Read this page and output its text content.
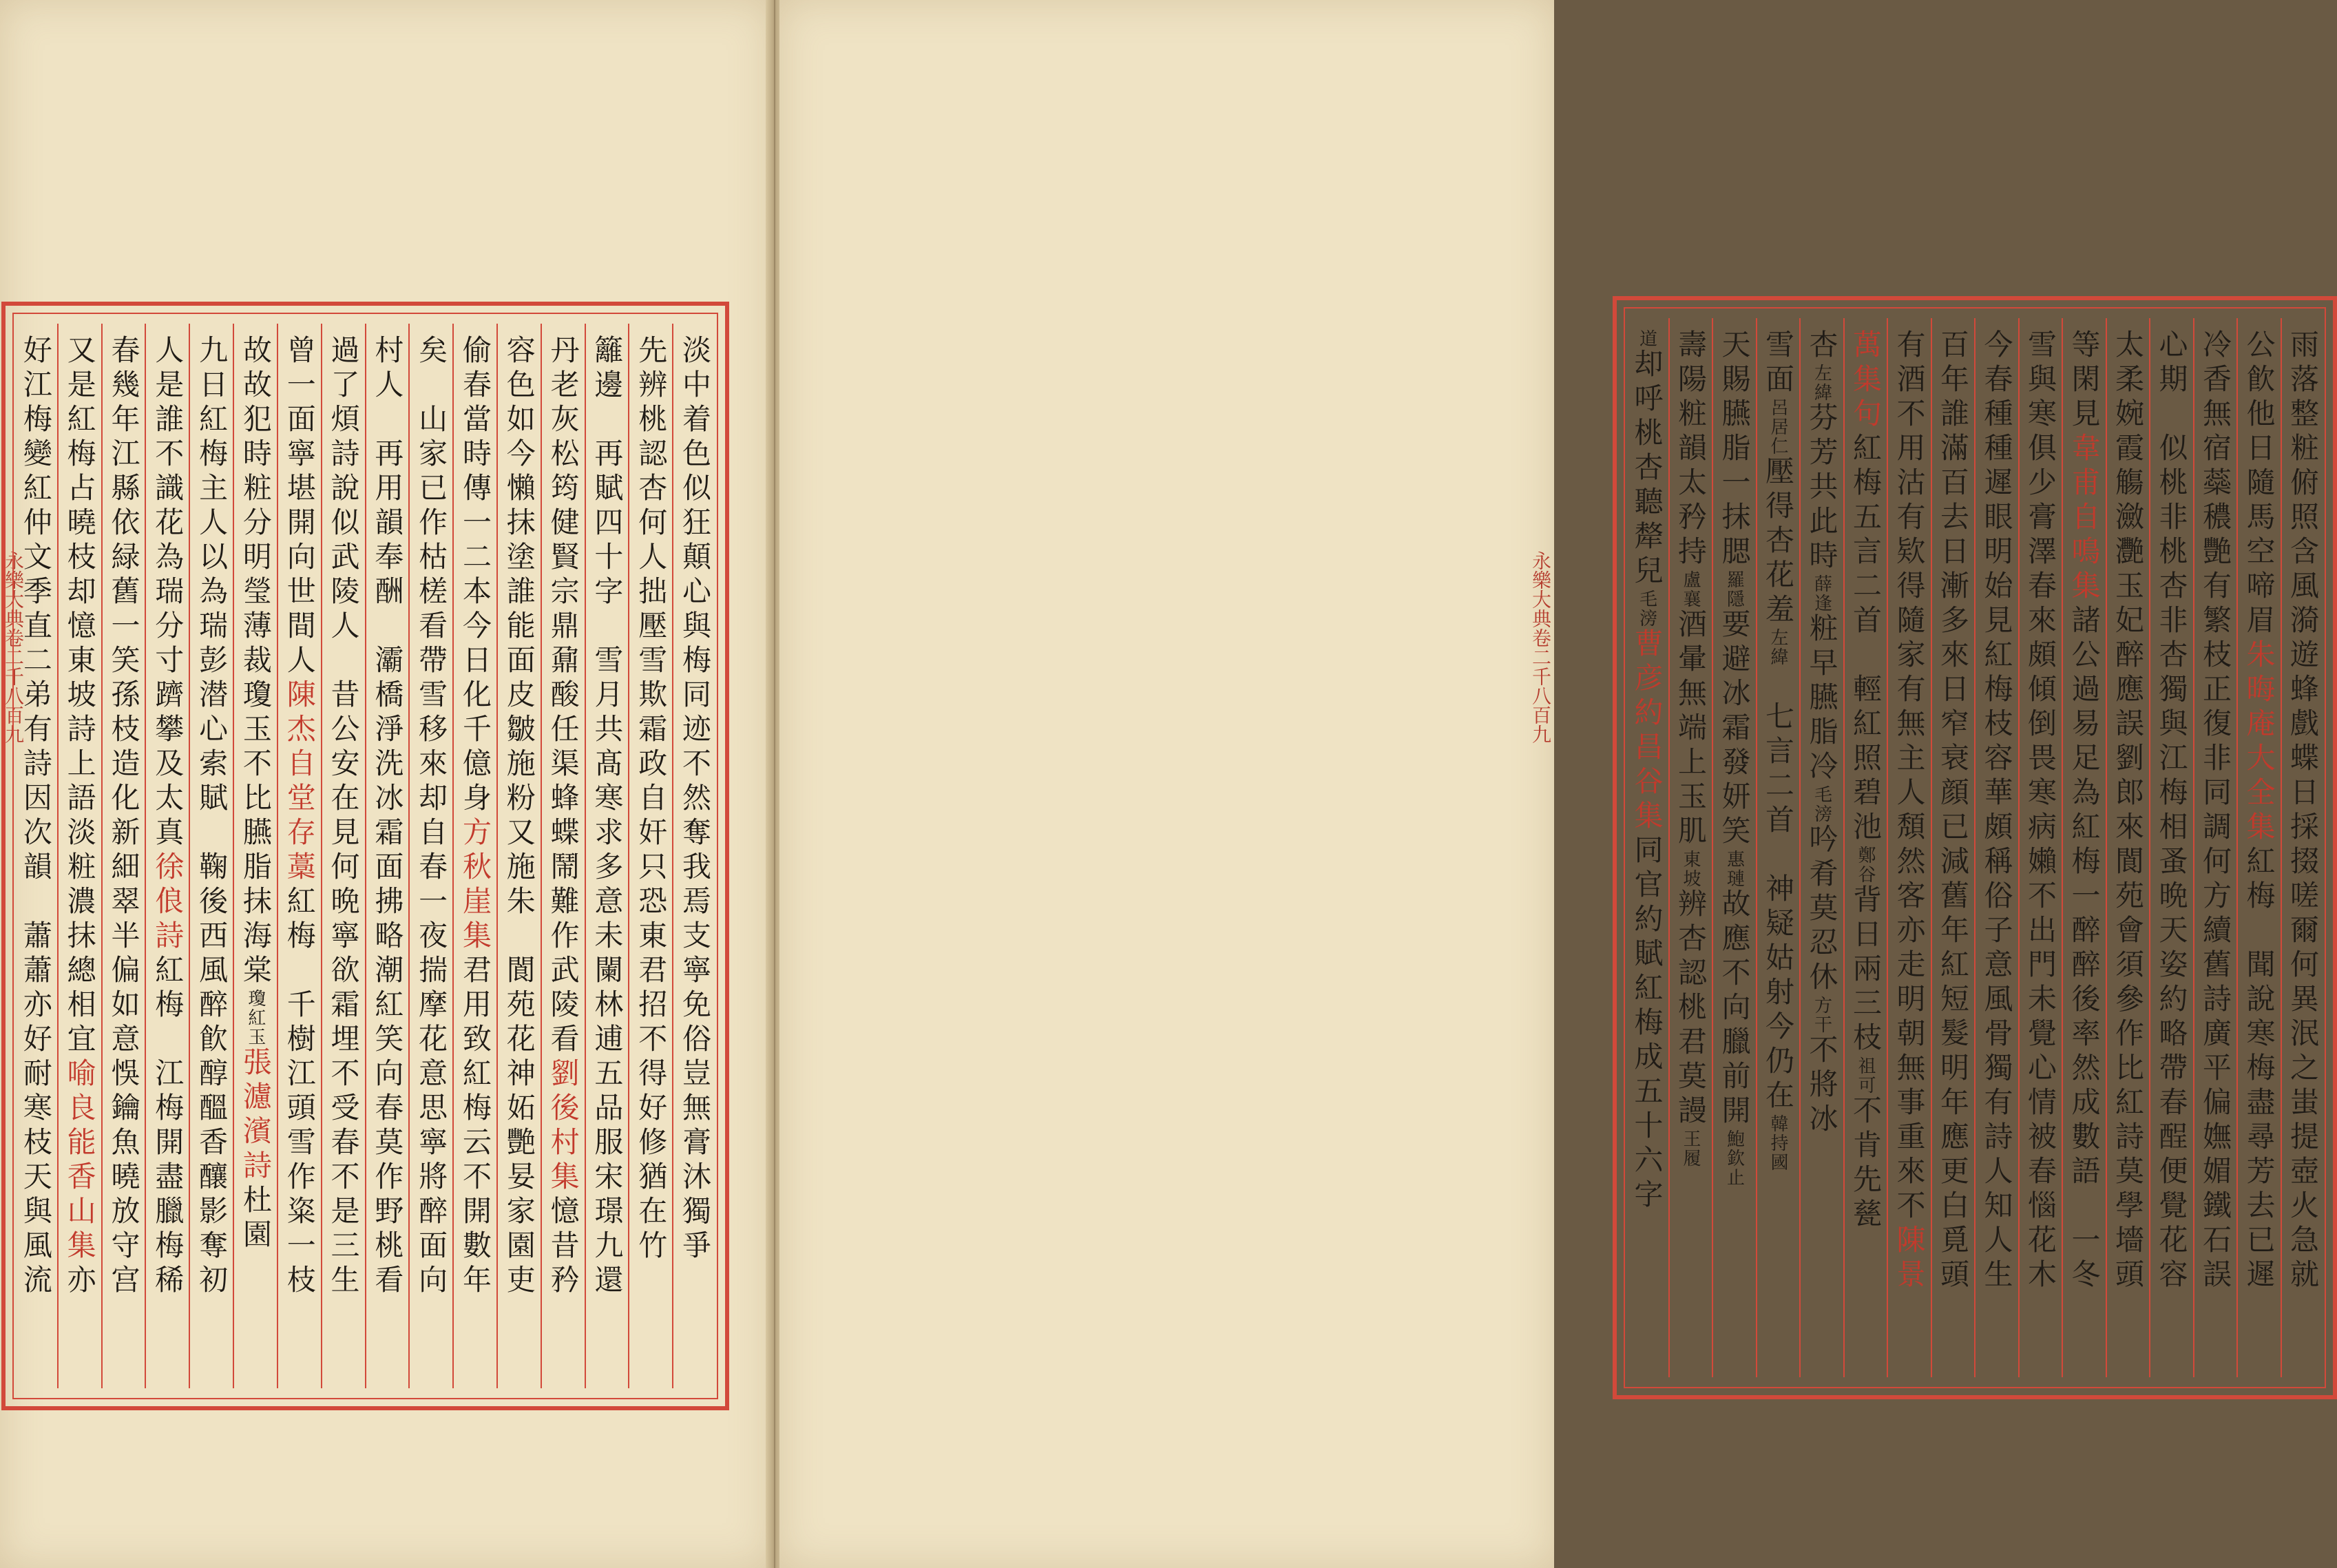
永樂大典卷二千八百九	淡中着色似狂顛心與梅同迹不然奪我焉支寧免俗豈無膏沐獨爭
先辨桃認杏何人拙壓雪欺霜政自奸只恐東君招不得好修猶在竹
籬邊　再賦四十字　雪月共髙寒求多意未闌林逋五品服宋璟九還
丹老灰松筠健賢宗鼎鼐酸任渠蜂蝶鬧難作武陵看劉後村集憶昔矜
容色如今懶抹塗誰能面皮皺施粉又施朱　閬苑花神妬艷妟家園吏
偷春當時傳一二本今日化千億身方秋崖集君用致紅梅云不開數年
矣　山家已作枯槎看帶雪移來却自春一夜揣摩花意思寧將醉面向
村人　再用韻奉酬　灞橋淨洗冰霜面拂略潮紅笑向春莫作野桃看
過了煩詩說似武陵人　昔公安在見何晩寧欲霜埋不受春不是三生
曾一面寧堪開向世間人陳杰自堂存藁紅梅　千樹江頭雪作粢一枝
故故犯時粧分明瑩薄裁瓊玉不比臙脂抹海棠瓊紅玉張濾濱詩杜園
九日紅梅主人以為瑞彭潜心索賦　鞠後西風醉飮醇醞香釀影奪初
人是誰不識花為瑞分寸躋攀及太真徐俍詩紅梅　江梅開盡臘梅稀
春幾年江縣依緑舊一笑孫枝造化新細翠半偏如意悞鑰魚曉放守宫
又是紅梅占曉枝却憶東坡詩上語淡粧濃抹總相宜喻良能香山集亦
好江梅變紅仲文季直二弟有詩因次韻　蕭蕭亦好耐寒枝天與風流	雨落整粧俯照含風漪遊蜂戲蝶日採掇嗟爾何異泯之蚩提壺火急就
公飮他日隨馬空啼眉朱晦庵大全集紅梅　聞說寒梅盡尋芳去已遲
冷香無宿蘂穠艷有繁枝正復非同調何方續舊詩廣平偏嫵媚鐵石誤
心期　似桃非桃杏非杏獨與江梅相蚤晩天姿約略帶春酲便覺花容
太柔婉霞觴瀲灧玉妃醉應誤劉郎來閬苑會須參作比紅詩莫學墻頭
等閑見韋甫自鳴集諸公過易足為紅梅一醉醉後率然成數語　一冬
雪與寒俱少膏澤春來頗傾倒畏寒病嬾不出門未覺心情被春惱花木
今春種種遲眼明始見紅梅枝容華頗稱俗子意風骨獨有詩人知人生
百年誰滿百去日漸多來日窄衰顔已減舊年紅短髮明年應更白覓頭
有酒不用沽有欵得隨家有無主人頽然客亦走明朝無事重來不陳景
萬集句紅梅五言二首　輕紅照碧池鄭谷背日兩三枝祖可不肯先甆
杏左緯芬芳共此時薛逢粧早臙脂冷毛滂吟肴莫忍休方干不將冰
雪面呂居仁壓得杏花羞左緯　七言二首　神疑姑射今仍在韓持國
天賜臙脂一抹腮羅隱要避冰霜發妍笑惠璉故應不向臘前開鮑欽止
壽陽粧韻太矜持盧襄酒暈無端上玉肌東坡辨杏認桃君莫謾王履
道却呼桃杏聽犛兒毛滂曹彦約昌谷集同官約賦紅梅成五十六字
永樂大典卷二千八百九
